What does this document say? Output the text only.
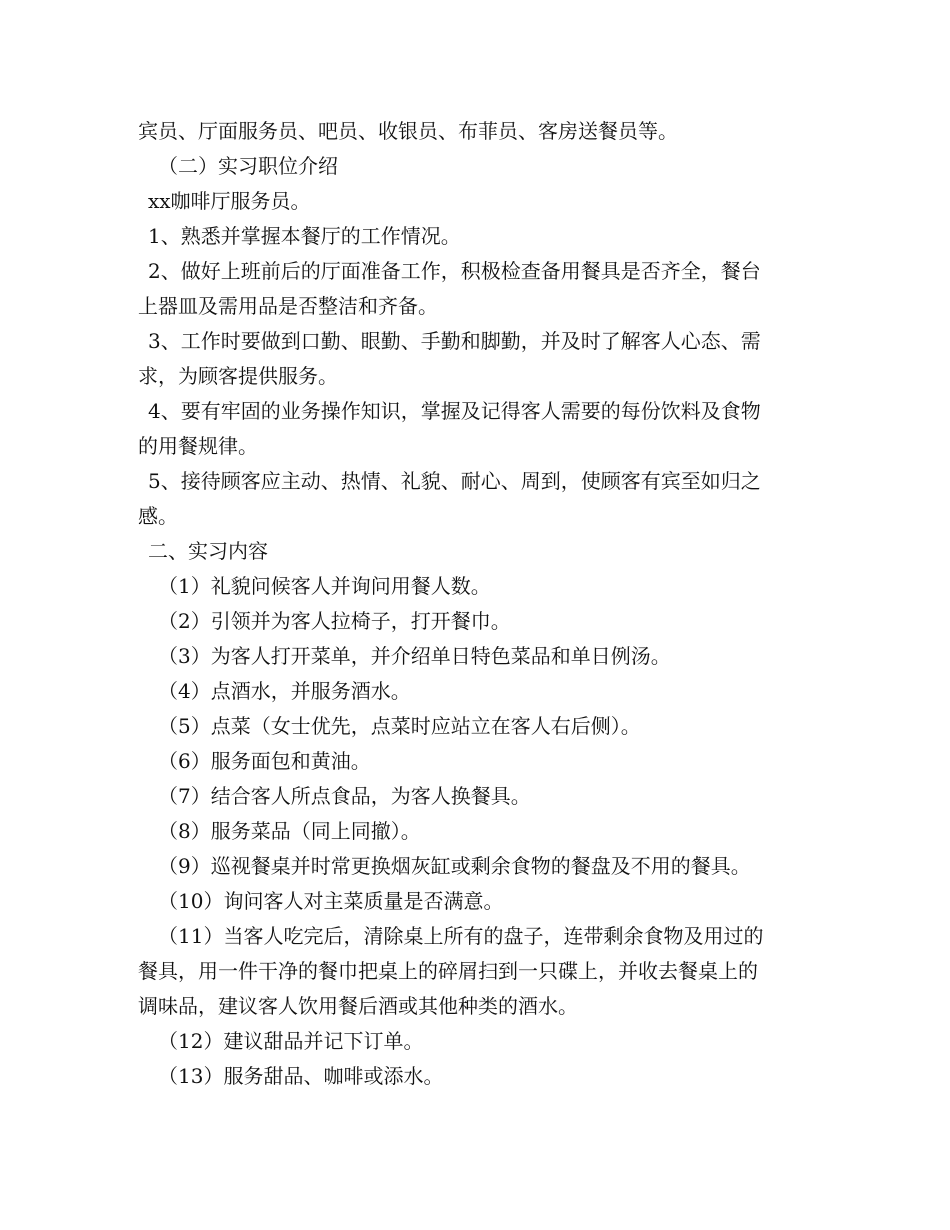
宾员、厅面服务员、吧员、收银员、布菲员、客房送餐员等。
（二）实习职位介绍
xx咖啡厅服务员。
1、熟悉并掌握本餐厅的工作情况。
2、做好上班前后的厅面准备工作，积极检查备用餐具是否齐全，餐台
上器皿及需用品是否整洁和齐备。
3、工作时要做到口勤、眼勤、手勤和脚勤，并及时了解客人心态、需
求，为顾客提供服务。
4、要有牢固的业务操作知识，掌握及记得客人需要的每份饮料及食物
的用餐规律。
5、接待顾客应主动、热情、礼貌、耐心、周到，使顾客有宾至如归之
感。
二、实习内容
（1）礼貌问候客人并询问用餐人数。
（2）引领并为客人拉椅子，打开餐巾。
（3）为客人打开菜单，并介绍单日特色菜品和单日例汤。
（4）点酒水，并服务酒水。
（5）点菜（女士优先，点菜时应站立在客人右后侧）。
（6）服务面包和黄油。
（7）结合客人所点食品，为客人换餐具。
（8）服务菜品（同上同撤）。
（9）巡视餐桌并时常更换烟灰缸或剩余食物的餐盘及不用的餐具。
（10）询问客人对主菜质量是否满意。
（11）当客人吃完后，清除桌上所有的盘子，连带剩余食物及用过的
餐具，用一件干净的餐巾把桌上的碎屑扫到一只碟上，并收去餐桌上的
调味品，建议客人饮用餐后酒或其他种类的酒水。
（12）建议甜品并记下订单。
（13）服务甜品、咖啡或添水。
